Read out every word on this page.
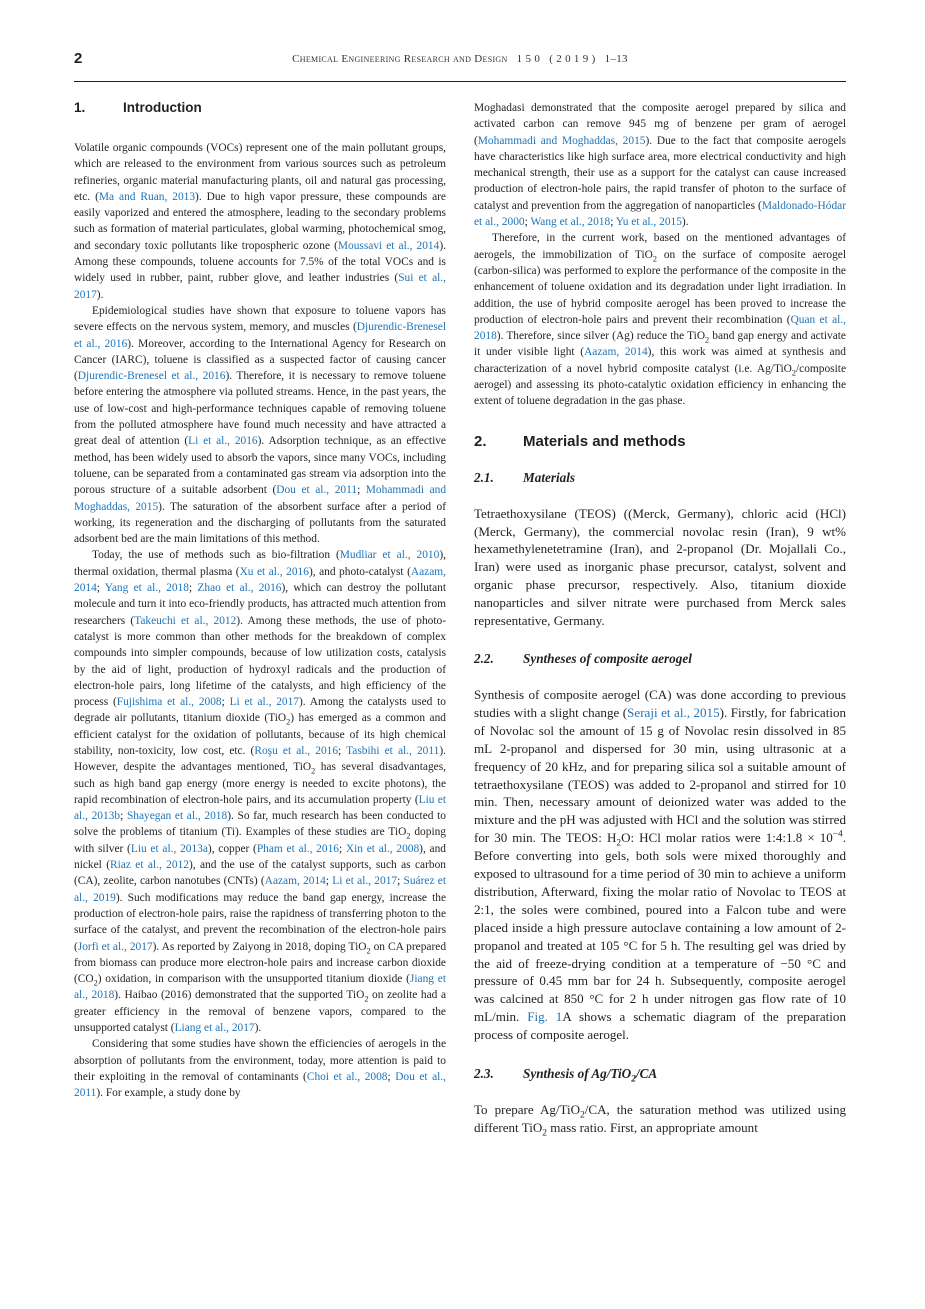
2	Chemical Engineering Research and Design 1 5 0 ( 2 0 1 9 ) 1–13
1.	Introduction

Volatile organic compounds (VOCs) represent one of the main pollutant groups, which are released to the environment from various sources such as petroleum refineries, organic material manufacturing plants, oil and natural gas processing, etc. (Ma and Ruan, 2013). Due to high vapor pressure, these compounds are easily vaporized and entered the atmosphere, leading to the secondary problems such as formation of material particulates, global warming, photochemical smog, and secondary toxic pollutants like tropospheric ozone (Moussavi et al., 2014). Among these compounds, toluene accounts for 7.5% of the total VOCs and is widely used in rubber, paint, rubber glove, and leather industries (Sui et al., 2017).

Epidemiological studies have shown that exposure to toluene vapors has severe effects on the nervous system, memory, and muscles (Djurendic-Brenesel et al., 2016). Moreover, according to the International Agency for Research on Cancer (IARC), toluene is classified as a suspected factor of causing cancer (Djurendic-Brenesel et al., 2016). Therefore, it is necessary to remove toluene before entering the atmosphere via polluted streams. Hence, in the past years, the use of low-cost and high-performance techniques capable of removing toluene from the polluted atmosphere have found much necessity and have attracted a great deal of attention (Li et al., 2016). Adsorption technique, as an effective method, has been widely used to absorb the vapors, since many VOCs, including toluene, can be separated from a contaminated gas stream via adsorption into the porous structure of a suitable adsorbent (Dou et al., 2011; Mohammadi and Moghaddas, 2015). The saturation of the absorbent surface after a period of working, its regeneration and the discharging of pollutants from the saturated adsorbent bed are the main limitations of this method.

Today, the use of methods such as bio-filtration (Mudliar et al., 2010), thermal oxidation, thermal plasma (Xu et al., 2016), and photo-catalyst (Aazam, 2014; Yang et al., 2018; Zhao et al., 2016), which can destroy the pollutant molecule and turn it into eco-friendly products, has attracted much attention from researchers (Takeuchi et al., 2012). Among these methods, the use of photo-catalyst is more common than other methods for the breakdown of complex compounds into simpler compounds, because of low utilization costs, catalysis by the aid of light, production of hydroxyl radicals and the production of electron-hole pairs, long lifetime of the catalysts, and high efficiency of the process (Fujishima et al., 2008; Li et al., 2017). Among the catalysts used to degrade air pollutants, titanium dioxide (TiO$_2$) has emerged as a common and efficient catalyst for the oxidation of pollutants, because of its high chemical stability, non-toxicity, low cost, etc. (Roşu et al., 2016; Tasbihi et al., 2011). However, despite the advantages mentioned, TiO$_2$ has several disadvantages, such as high band gap energy (more energy is needed to excite photons), the rapid recombination of electron-hole pairs, and its accumulation property (Liu et al., 2013b; Shayegan et al., 2018). So far, much research has been conducted to solve the problems of titanium (Ti). Examples of these studies are TiO$_2$ doping with silver (Liu et al., 2013a), copper (Pham et al., 2016; Xin et al., 2008), and nickel (Riaz et al., 2012), and the use of the catalyst supports, such as carbon (CA), zeolite, carbon nanotubes (CNTs) (Aazam, 2014; Li et al., 2017; Suárez et al., 2019). Such modifications may reduce the band gap energy, increase the production of electron-hole pairs, raise the rapidness of transferring photon to the surface of the catalyst, and prevent the recombination of the electron-hole pairs (Jorfi et al., 2017). As reported by Zaiyong in 2018, doping TiO$_2$ on CA prepared from biomass can produce more electron-hole pairs and increase carbon dioxide $(CO_2)$ oxidation, in comparison with the unsupported titanium dioxide (Jiang et al., 2018). Haibao (2016) demonstrated that the supported TiO$_2$ on zeolite had a greater efficiency in the removal of benzene vapors, compared to the unsupported catalyst (Liang et al., 2017).

Considering that some studies have shown the efficiencies of aerogels in the absorption of pollutants from the environment, today, more attention is paid to their exploiting in the removal of contaminants (Choi et al., 2008; Dou et al., 2011). For example, a study done by

Moghadasi demonstrated that the composite aerogel prepared by silica and activated carbon can remove 945 mg of benzene per gram of aerogel (Mohammadi and Moghaddas, 2015). Due to the fact that composite aerogels have characteristics like high surface area, more electrical conductivity and high mechanical strength, their use as a support for the catalyst can cause increased production of electron-hole pairs, the rapid transfer of photon to the surface of catalyst and prevention from the aggregation of nanoparticles (Maldonado-Hódar et al., 2000; Wang et al., 2018; Yu et al., 2015).

Therefore, in the current work, based on the mentioned advantages of aerogels, the immobilization of TiO$_2$ on the surface of composite aerogel (carbon-silica) was performed to explore the performance of the composite in the enhancement of toluene oxidation and its degradation under light irradiation. In addition, the use of hybrid composite aerogel has been proved to increase the production of electron-hole pairs and prevent their recombination (Quan et al., 2018). Therefore, since silver (Ag) reduce the TiO$_2$ band gap energy and activate it under visible light (Aazam, 2014), this work was aimed at synthesis and characterization of a novel hybrid composite catalyst (i.e. Ag/TiO$_2$/composite aerogel) and assessing its photo-catalytic oxidation efficiency in enhancing the extent of toluene degradation in the gas phase.

2. Materials and methods
2.1. Materials

Tetraethoxysilane (TEOS) ((Merck, Germany), chloric acid (HCl) (Merck, Germany), the commercial novolac resin (Iran), 9 wt% hexamethylenetetramine (Iran), and 2-propanol (Dr. Mojallali Co., Iran) were used as inorganic phase precursor, catalyst, solvent and organic phase precursor, respectively. Also, titanium dioxide nanoparticles and silver nitrate were purchased from Merck sales representative, Germany.

2.2. Syntheses of composite aerogel

Synthesis of composite aerogel (CA) was done according to previous studies with a slight change (Seraji et al., 2015). Firstly, for fabrication of Novolac sol the amount of 15 g of Novolac resin dissolved in 85 mL 2-propanol and dispersed for 30 min, using ultrasonic at a frequency of 20 kHz, and for preparing silica sol a suitable amount of tetraethoxysilane (TEOS) was added to 2-propanol and stirred for 10 min. Then, necessary amount of deionized water was added to the mixture and the pH was adjusted with HCl and the solution was stirred for 30 min. The TEOS: $H_2O$: HCl molar ratios were 1:4:1.8 × $10^{-4}$. Before converting into gels, both sols were mixed thoroughly and exposed to ultrasound for a time period of 30 min to achieve a uniform distribution, Afterward, fixing the molar ratio of Novolac to TEOS at 2:1, the soles were combined, poured into a Falcon tube and were placed inside a high pressure autoclave containing a low amount of 2-propanol and treated at 105 °C for 5 h. The resulting gel was dried by the aid of freeze-drying condition at a temperature of −50 °C and pressure of 0.45 mm bar for 24 h. Subsequently, composite aerogel was calcined at 850 °C for 2 h under nitrogen gas flow rate of 10 mL/min. Fig. 1A shows a schematic diagram of the preparation process of composite aerogel.

2.3. Synthesis of Ag/TiO$_2$/CA

To prepare Ag/TiO$_2$/CA, the saturation method was utilized using different TiO$_2$ mass ratio. First, an appropriate amount
